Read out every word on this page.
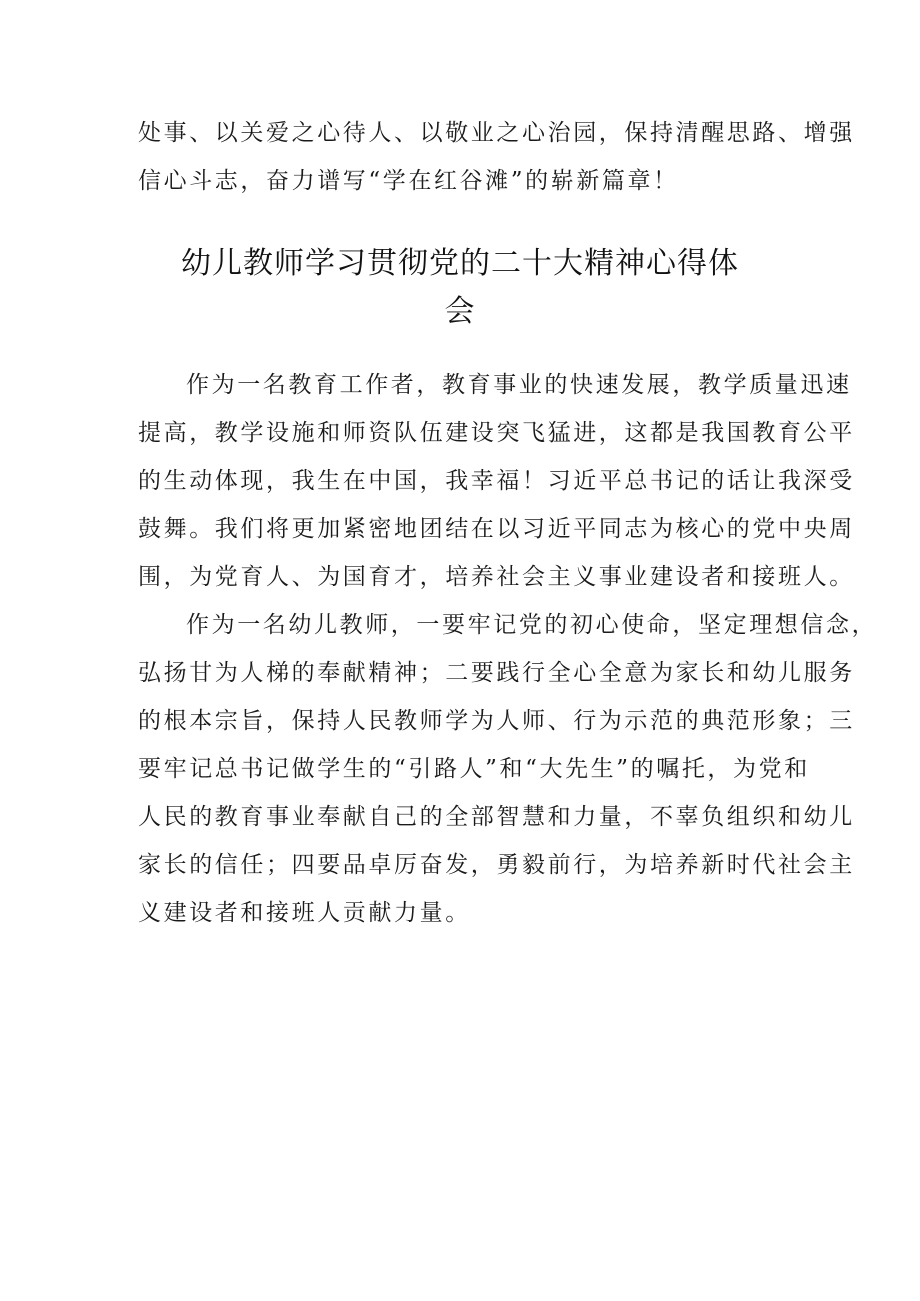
处事、以关爱之心待人、以敬业之心治园，保持清醒思路、增强
信心斗志，奋力谱写“学在红谷滩”的崭新篇章！
幼儿教师学习贯彻党的二十大精神心得体
会
作为一名教育工作者，教育事业的快速发展，教学质量迅速
提高，教学设施和师资队伍建设突飞猛进，这都是我国教育公平
的生动体现，我生在中国，我幸福！习近平总书记的话让我深受
鼓舞。我们将更加紧密地团结在以习近平同志为核心的党中央周
围，为党育人、为国育才，培养社会主义事业建设者和接班人。
作为一名幼儿教师，一要牢记党的初心使命，坚定理想信念，
弘扬甘为人梯的奉献精神；二要践行全心全意为家长和幼儿服务
的根本宗旨，保持人民教师学为人师、行为示范的典范形象；三
要牢记总书记做学生的“引路人”和“大先生”的嘱托，为党和
人民的教育事业奉献自己的全部智慧和力量，不辜负组织和幼儿
家长的信任；四要品卓厉奋发，勇毅前行，为培养新时代社会主
义建设者和接班人贡献力量。
